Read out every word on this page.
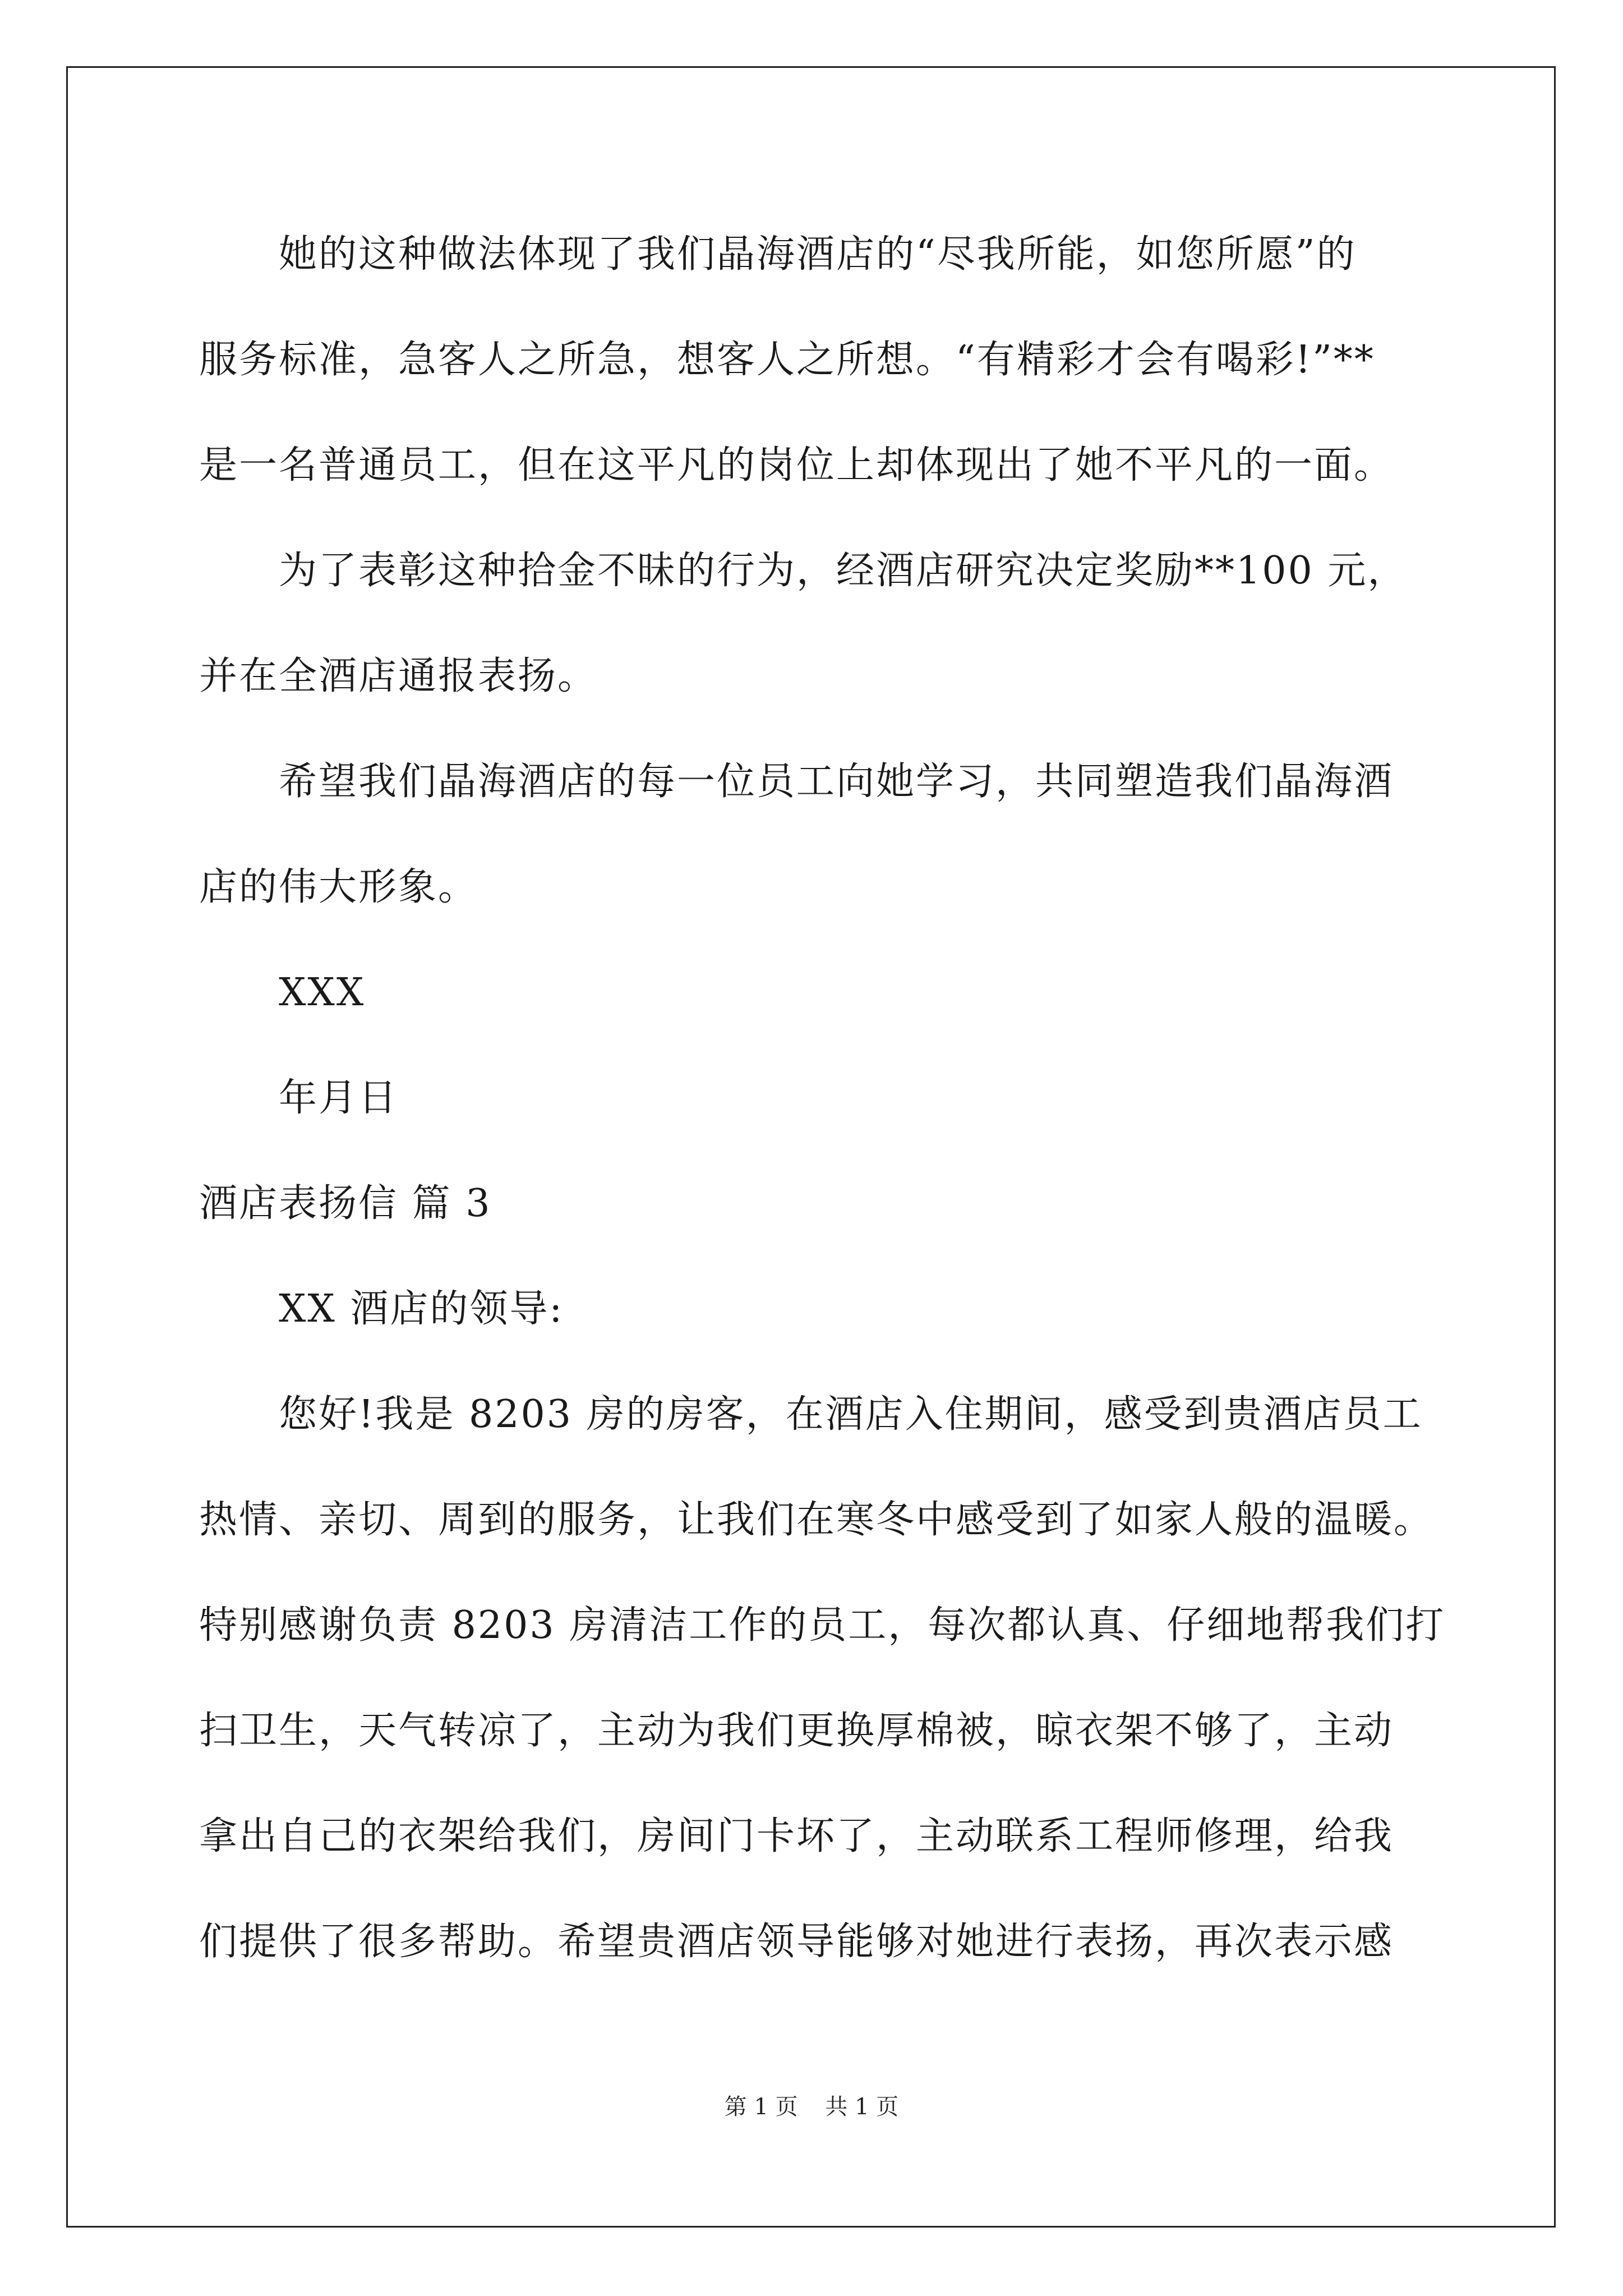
她的这种做法体现了我们晶海酒店的“尽我所能，如您所愿”的
服务标准，急客人之所急，想客人之所想。“有精彩才会有喝彩!”**
是一名普通员工，但在这平凡的岗位上却体现出了她不平凡的一面。
为了表彰这种拾金不昧的行为，经酒店研究决定奖励**100 元，
并在全酒店通报表扬。
希望我们晶海酒店的每一位员工向她学习，共同塑造我们晶海酒
店的伟大形象。
XXX
年月日
酒店表扬信 篇 3
XX 酒店的领导:
您好!我是 8203 房的房客，在酒店入住期间，感受到贵酒店员工
热情、亲切、周到的服务，让我们在寒冬中感受到了如家人般的温暖。
特别感谢负责 8203 房清洁工作的员工，每次都认真、仔细地帮我们打
扫卫生，天气转凉了，主动为我们更换厚棉被，晾衣架不够了，主动
拿出自己的衣架给我们，房间门卡坏了，主动联系工程师修理，给我
们提供了很多帮助。希望贵酒店领导能够对她进行表扬，再次表示感
第 1 页 共 1 页
